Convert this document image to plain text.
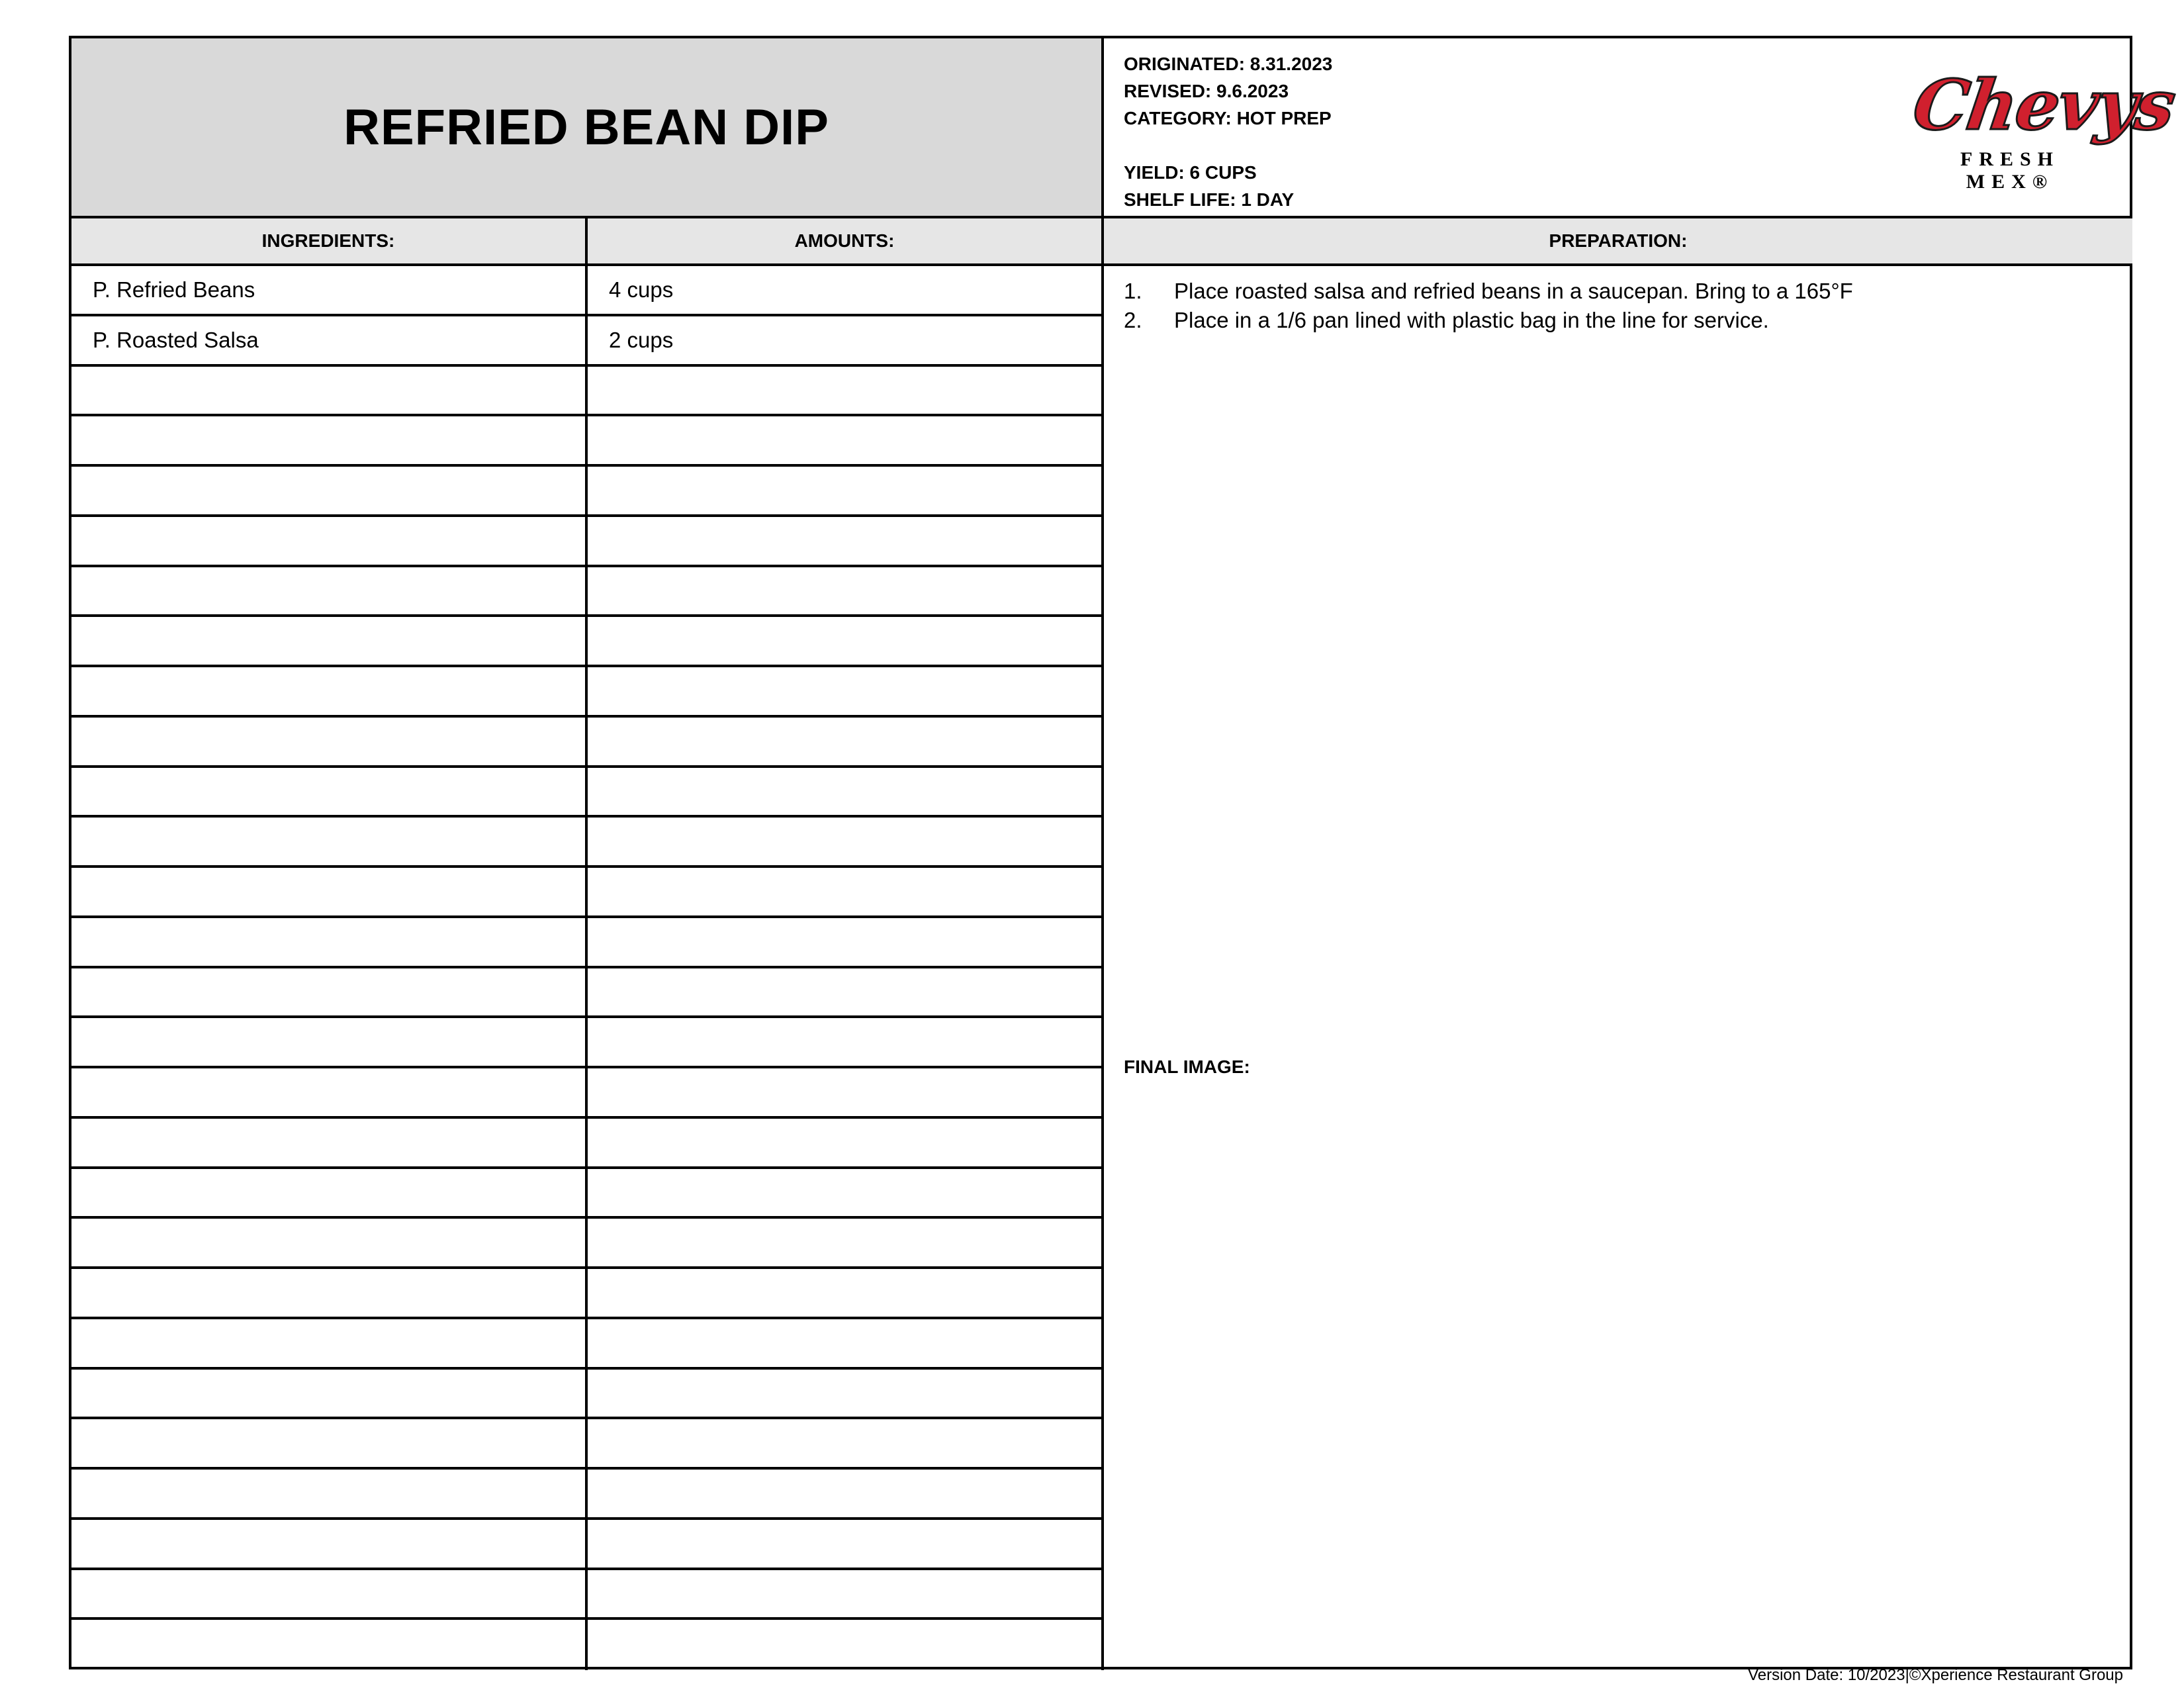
REFRIED BEAN DIP
ORIGINATED: 8.31.2023
REVISED: 9.6.2023
CATEGORY: HOT PREP
YIELD: 6 CUPS
SHELF LIFE: 1 DAY
Chevys
FRESH MEX®
INGREDIENTS:	AMOUNTS:	PREPARATION:
P. Refried Beans	4 cups
P. Roasted Salsa	2 cups
1.	Place roasted salsa and refried beans in a saucepan. Bring to a 165°F
2.	Place in a 1/6 pan lined with plastic bag in the line for service.
FINAL IMAGE:
Version Date: 10/2023|©Xperience Restaurant Group
